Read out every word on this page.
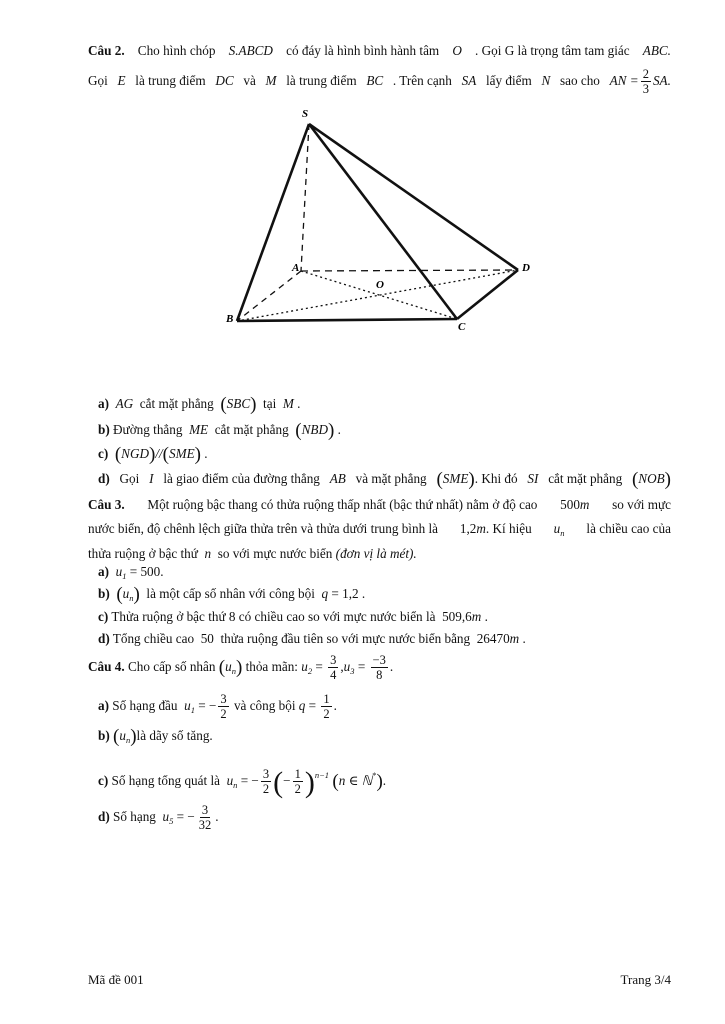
Câu 2. Cho hình chóp S.ABCD có đáy là hình bình hành tâm O . Gọi G là trọng tâm tam giác ABC.
Gọi E là trung điểm DC và M là trung điểm BC . Trên cạnh SA lấy điểm N sao cho AN = $\frac{2}{3}$ SA.
S
A
B
C
D
O
a) AG cắt mặt phẳng (SBC) tại M .
b) Đường thẳng ME cắt mặt phẳng (NBD) .
c) (NGD)//(SME) .
d) Gọi I là giao điểm của đường thẳng AB và mặt phẳng (SME). Khi đó SI cắt mặt phẳng (NOB)
Câu 3. Một ruộng bậc thang có thửa ruộng thấp nhất (bậc thứ nhất) nằm ở độ cao 500m so với mực
nước biển, độ chênh lệch giữa thửa trên và thửa dưới trung bình là 1,2m. Kí hiệu $u_n$ là chiều cao của
thửa ruộng ở bậc thứ n so với mực nước biển (đơn vị là mét).
a) $u_1 = 500$.
b) $(u_n)$ là một cấp số nhân với công bội q = 1,2 .
c) Thửa ruộng ở bậc thứ 8 có chiều cao so với mực nước biển là 509,6m .
d) Tổng chiều cao 50 thửa ruộng đầu tiên so với mực nước biển bằng 26470m .
Câu 4. Cho cấp số nhân $(u_n)$ thỏa mãn: $u_2 = \frac{3}{4} ,u_3 = \frac{-3}{8}$ .
a) Số hạng đầu $u_1$ = − $\frac{3}{2}$ và công bội $q = \frac{1}{2}$ .
b) $(u_n)là$ dãy số tăng.
c) Số hạng tổng quát là $u_n$ = − $\frac{3}{2}$ (− $\frac{1}{2} )^{n-1}$ (n ∈ ℕ*).
d) Số hạng $u_5$ = − $\frac{3}{32}$ .
Mã đề 001	Trang 3/4
